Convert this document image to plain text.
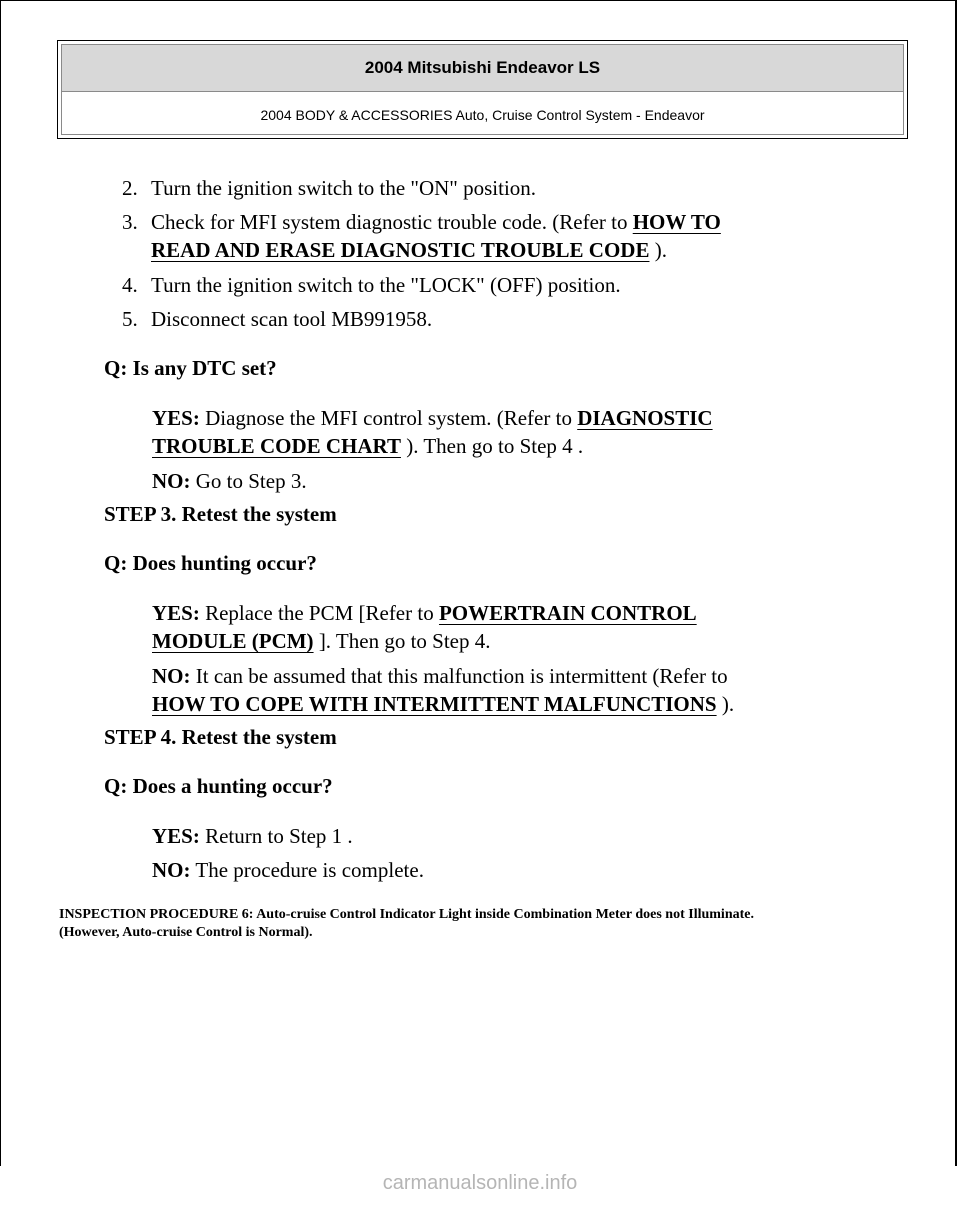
2004 Mitsubishi Endeavor LS
2004 BODY & ACCESSORIES Auto, Cruise Control System - Endeavor
2. Turn the ignition switch to the "ON" position.
3. Check for MFI system diagnostic trouble code. (Refer to HOW TO
READ AND ERASE DIAGNOSTIC TROUBLE CODE ).
4. Turn the ignition switch to the "LOCK" (OFF) position.
5. Disconnect scan tool MB991958.
Q: Is any DTC set?
YES: Diagnose the MFI control system. (Refer to DIAGNOSTIC
TROUBLE CODE CHART ). Then go to Step 4 .
NO: Go to Step 3.
STEP 3. Retest the system
Q: Does hunting occur?
YES: Replace the PCM [Refer to POWERTRAIN CONTROL
MODULE (PCM) ]. Then go to Step 4.
NO: It can be assumed that this malfunction is intermittent (Refer to
HOW TO COPE WITH INTERMITTENT MALFUNCTIONS ).
STEP 4. Retest the system
Q: Does a hunting occur?
YES: Return to Step 1 .
NO: The procedure is complete.
INSPECTION PROCEDURE 6: Auto-cruise Control Indicator Light inside Combination Meter does not Illuminate.
(However, Auto-cruise Control is Normal).
carmanualsonline.info
